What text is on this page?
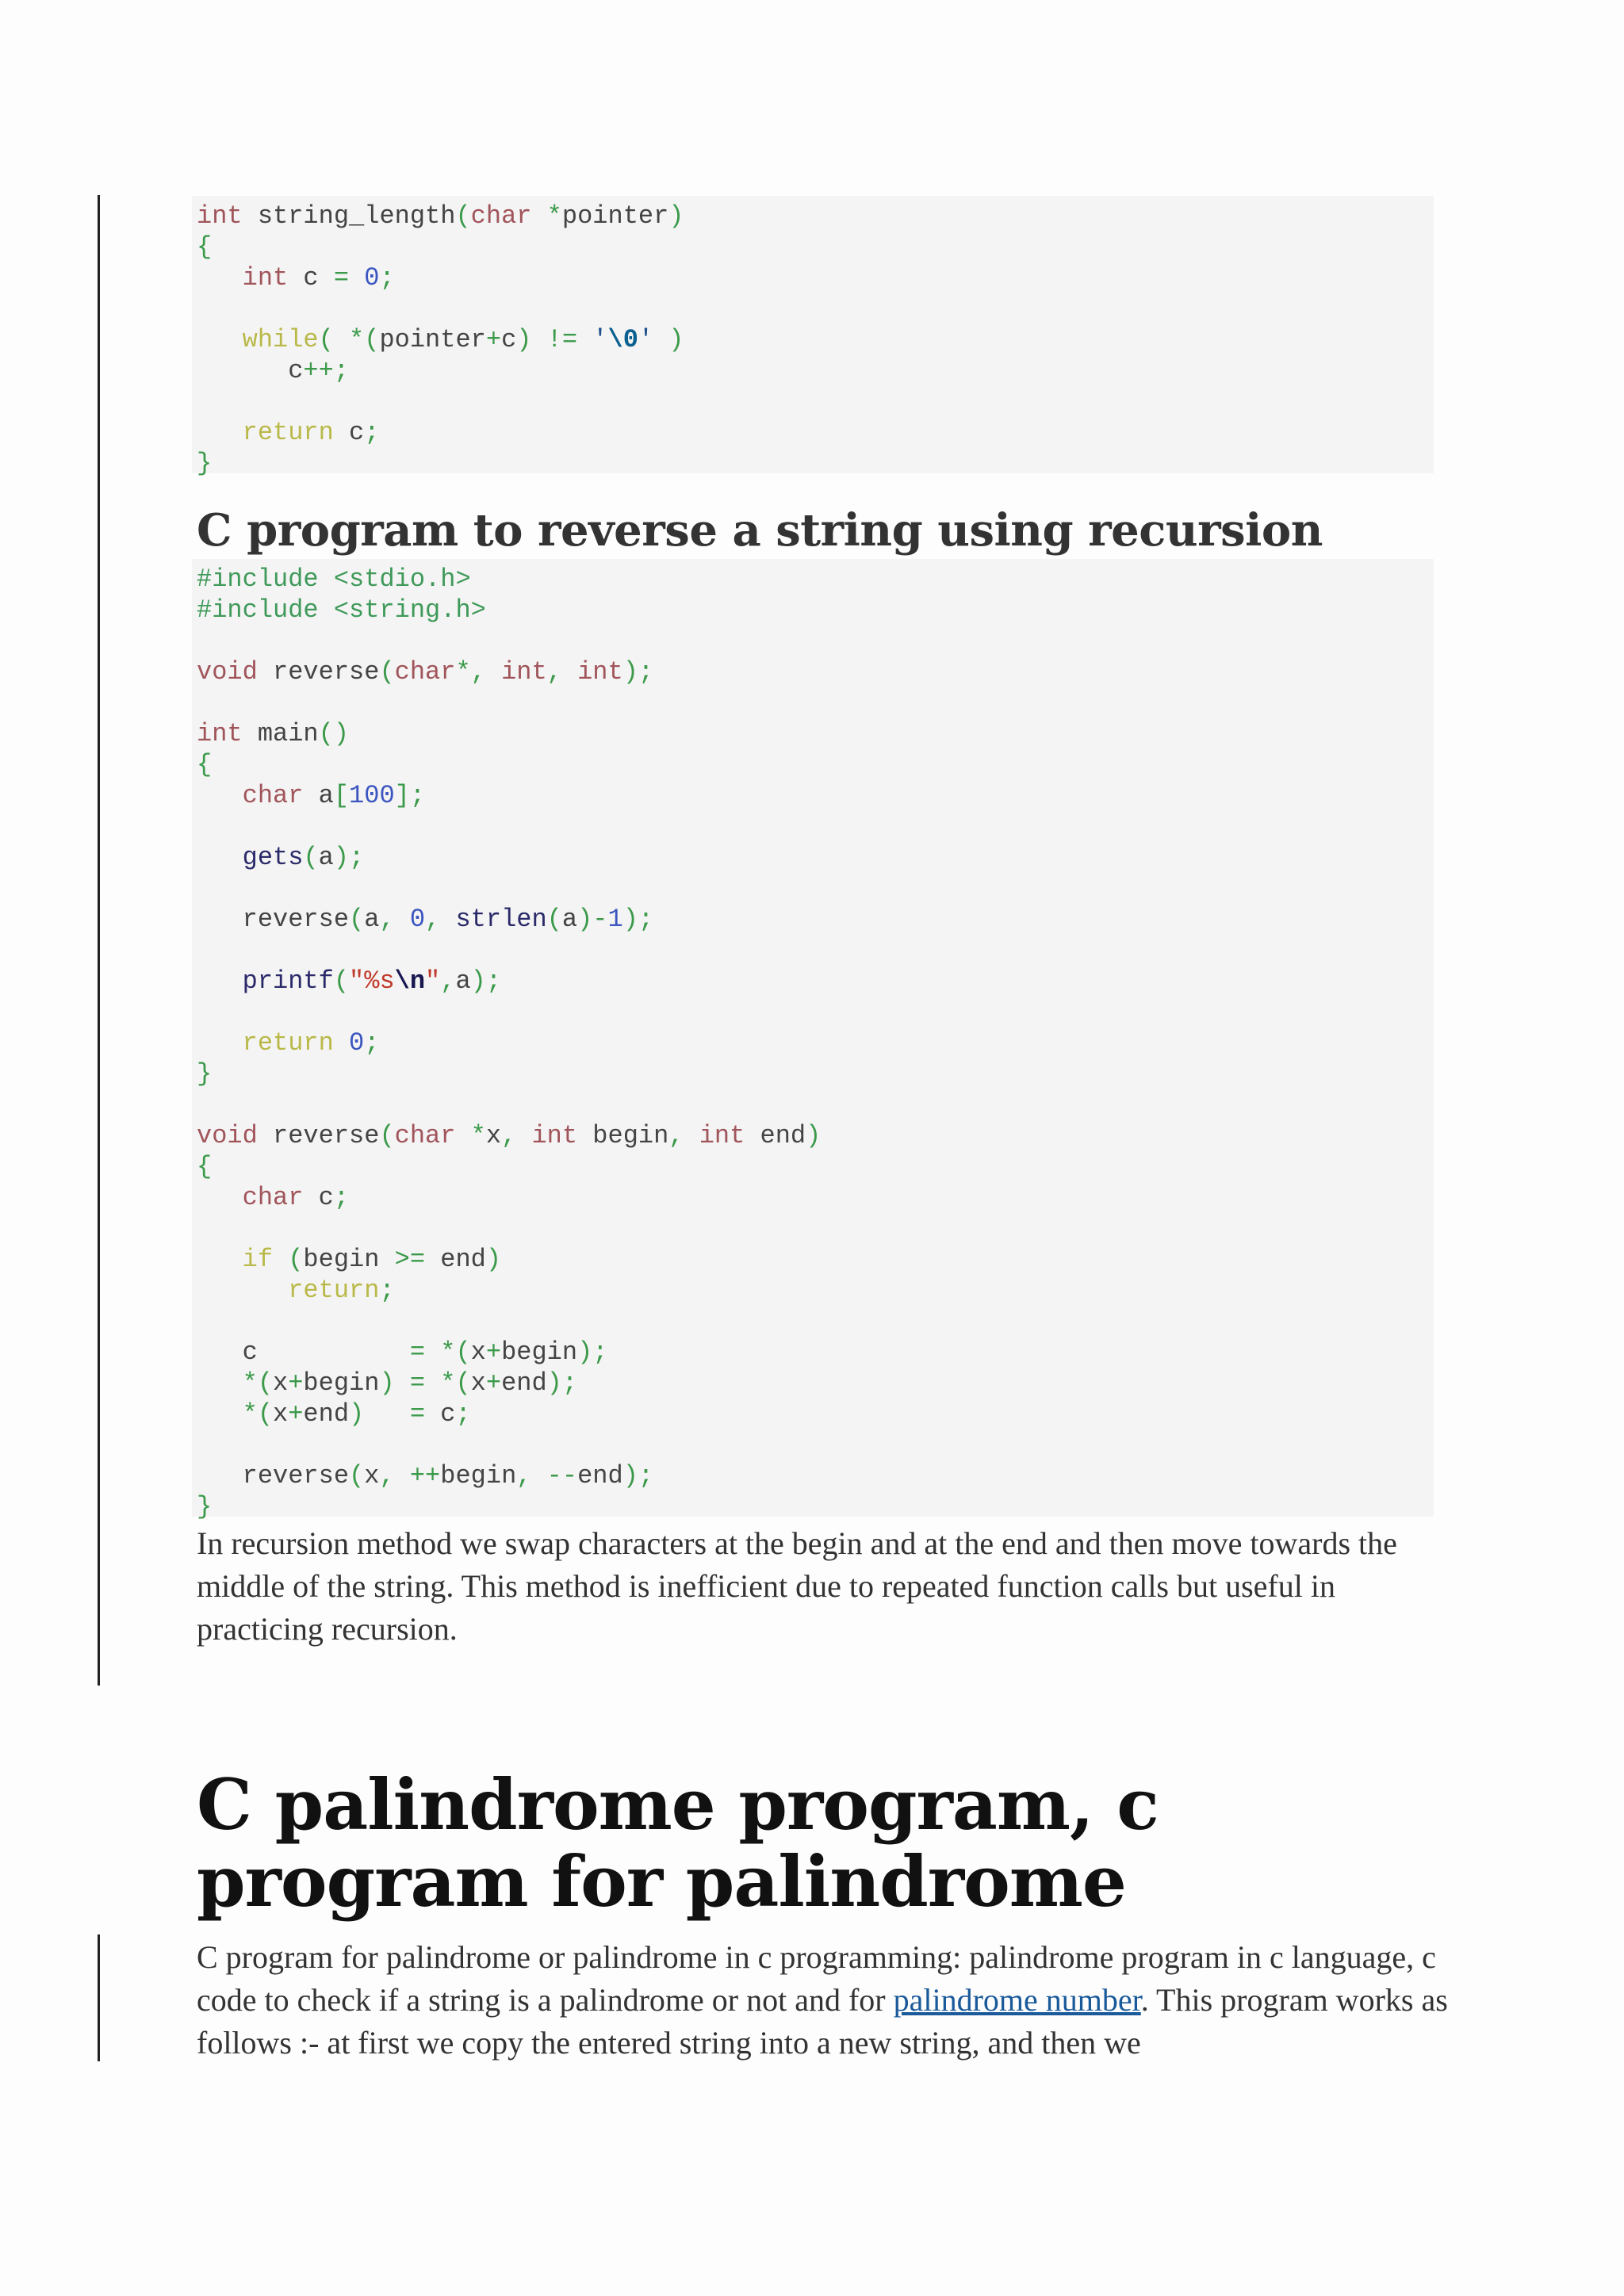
int string_length(char *pointer)
{
int c = 0;
while( *(pointer+c) != '\0' )
c++;
return c;
}
C program to reverse a string using recursion
#include <stdio.h>
#include <string.h>
void reverse(char*, int, int);
int main()
{
char a[100];
gets(a);
reverse(a, 0, strlen(a)-1);
printf("%s\n",a);
return 0;
}
void reverse(char *x, int begin, int end)
{
char c;
if (begin >= end)
return;
c	= *(x+begin);
*(x+begin) = *(x+end);
*(x+end) = c;
reverse(x, ++begin, --end);
}

In recursion method we swap characters at the begin and at the end and then move towards the middle of the string. This method is inefficient due to repeated function calls but useful in practicing recursion.

C palindrome program, c program for palindrome

C program for palindrome or palindrome in c programming: palindrome program in c language, c code to check if a string is a palindrome or not and for palindrome number. This program works as follows :- at first we copy the entered string into a new string, and then we
